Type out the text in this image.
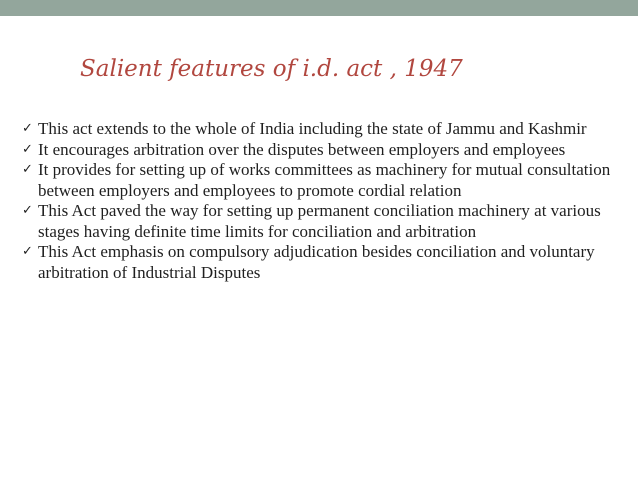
Salient features of i.d. act , 1947
✓ This act extends to the whole of India including the state of Jammu and Kashmir
✓ It encourages arbitration over the disputes between employers and employees
✓ It provides for setting up of works committees as machinery for mutual consultation between employers and employees to promote cordial relation
✓ This Act paved the way for setting up permanent conciliation machinery at various stages having definite time limits for conciliation and arbitration
✓ This Act emphasis on compulsory adjudication besides conciliation and voluntary arbitration of Industrial Disputes
